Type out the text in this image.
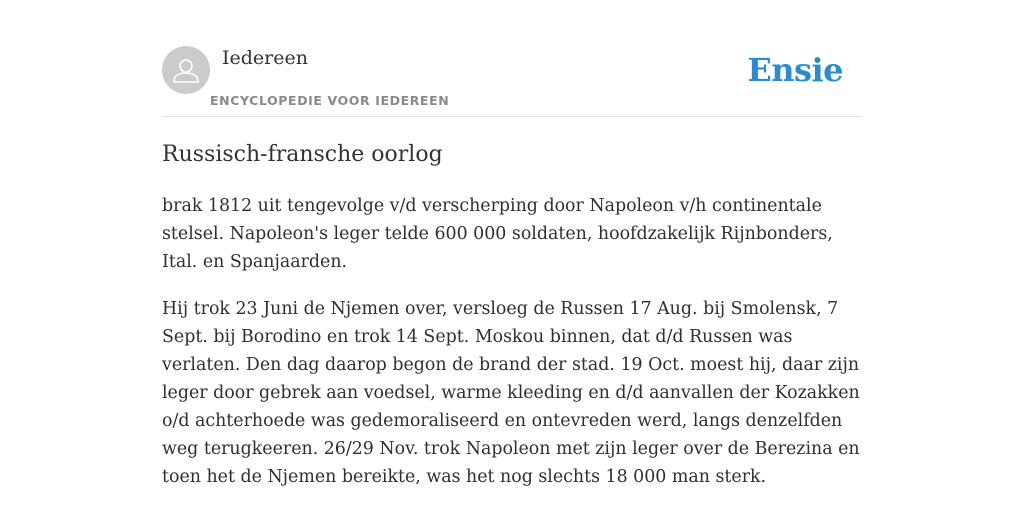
Iedereen
ENCYCLOPEDIE VOOR IEDEREEN
Ensie
Russisch-fransche oorlog

brak 1812 uit tengevolge v/d verscherping door Napoleon v/h continentale stelsel. Napoleon's leger telde 600 000 soldaten, hoofdzakelijk Rijnbonders, Ital. en Spanjaarden.

Hij trok 23 Juni de Njemen over, versloeg de Russen 17 Aug. bij Smolensk, 7 Sept. bij Borodino en trok 14 Sept. Moskou binnen, dat d/d Russen was verlaten. Den dag daarop begon de brand der stad. 19 Oct. moest hij, daar zijn leger door gebrek aan voedsel, warme kleeding en d/d aanvallen der Kozakken o/d achterhoede was gedemoraliseerd en ontevreden werd, langs denzelfden weg terugkeeren. 26/29 Nov. trok Napoleon met zijn leger over de Berezina en toen het de Njemen bereikte, was het nog slechts 18 000 man sterk.
